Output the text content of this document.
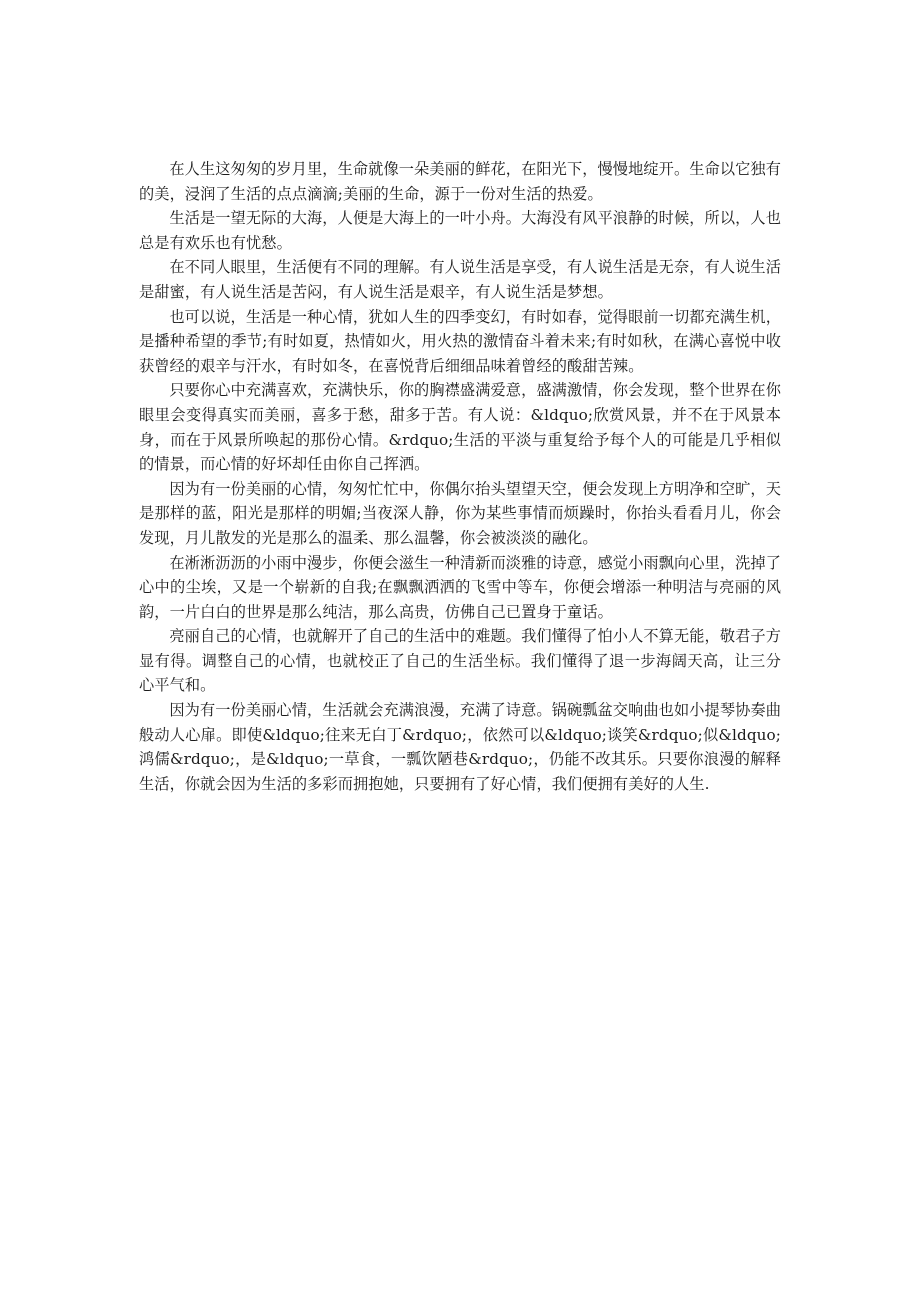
在人生这匆匆的岁月里，生命就像一朵美丽的鲜花，在阳光下，慢慢地绽开。生命以它独有的美，浸润了生活的点点滴滴;美丽的生命，源于一份对生活的热爱。

生活是一望无际的大海，人便是大海上的一叶小舟。大海没有风平浪静的时候，所以，人也总是有欢乐也有忧愁。

在不同人眼里，生活便有不同的理解。有人说生活是享受，有人说生活是无奈，有人说生活是甜蜜，有人说生活是苦闷，有人说生活是艰辛，有人说生活是梦想。

也可以说，生活是一种心情，犹如人生的四季变幻，有时如春，觉得眼前一切都充满生机，是播种希望的季节;有时如夏，热情如火，用火热的激情奋斗着未来;有时如秋，在满心喜悦中收获曾经的艰辛与汗水，有时如冬，在喜悦背后细细品味着曾经的酸甜苦辣。

只要你心中充满喜欢，充满快乐，你的胸襟盛满爱意，盛满激情，你会发现，整个世界在你眼里会变得真实而美丽，喜多于愁，甜多于苦。有人说：&ldquo;欣赏风景，并不在于风景本身，而在于风景所唤起的那份心情。&rdquo;生活的平淡与重复给予每个人的可能是几乎相似的情景，而心情的好坏却任由你自己挥洒。

因为有一份美丽的心情，匆匆忙忙中，你偶尔抬头望望天空，便会发现上方明净和空旷，天是那样的蓝，阳光是那样的明媚;当夜深人静，你为某些事情而烦躁时，你抬头看看月儿，你会发现，月儿散发的光是那么的温柔、那么温馨，你会被淡淡的融化。

在淅淅沥沥的小雨中漫步，你便会滋生一种清新而淡雅的诗意，感觉小雨飘向心里，洗掉了心中的尘埃，又是一个崭新的自我;在飘飘洒洒的飞雪中等车，你便会增添一种明洁与亮丽的风韵，一片白白的世界是那么纯洁，那么高贵，仿佛自己已置身于童话。

亮丽自己的心情，也就解开了自己的生活中的难题。我们懂得了怕小人不算无能，敬君子方显有得。调整自己的心情，也就校正了自己的生活坐标。我们懂得了退一步海阔天高，让三分心平气和。

因为有一份美丽心情，生活就会充满浪漫，充满了诗意。锅碗瓢盆交响曲也如小提琴协奏曲般动人心扉。即使&ldquo;往来无白丁&rdquo;，依然可以&ldquo;谈笑&rdquo;似&ldquo;鸿儒&rdquo;，是&ldquo;一草食，一瓢饮陋巷&rdquo;，仍能不改其乐。只要你浪漫的解释生活，你就会因为生活的多彩而拥抱她，只要拥有了好心情，我们便拥有美好的人生.
